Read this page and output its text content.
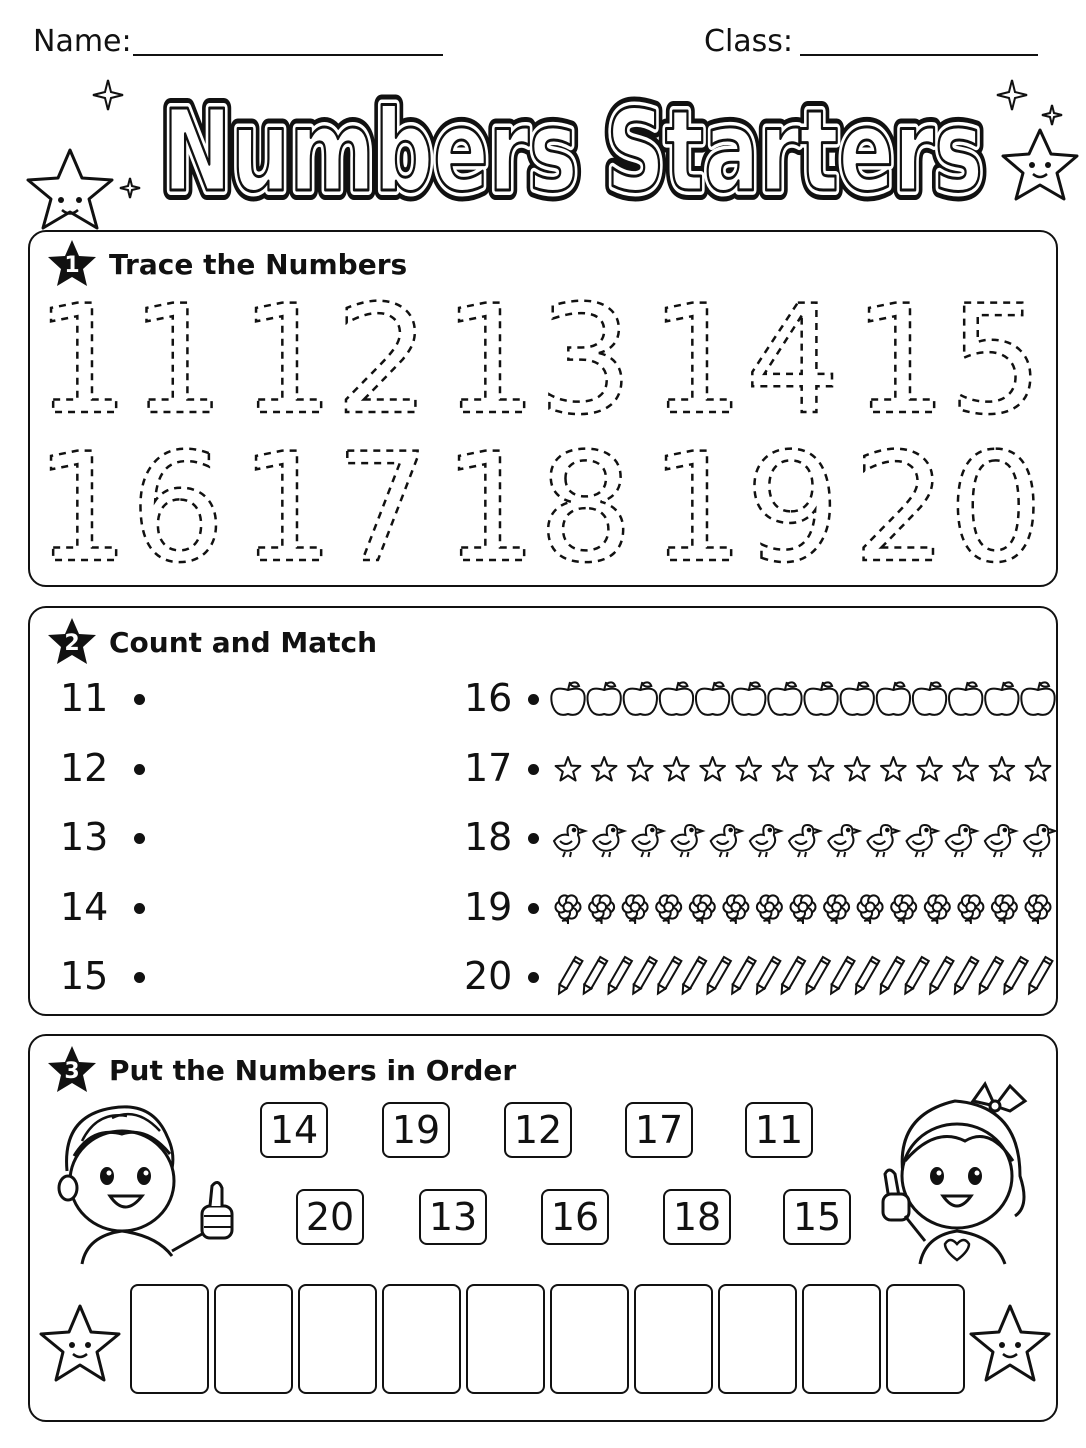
Name:	Class:
Numbers Starters
Numbers Starters
Numbers Starters
1	Trace the Numbers
11 12 13 14 15
16 17 18 19 20
2	Count and Match
11
12
13
14
15
16
17
18
19
20
3	Put the Numbers in Order
14 19 12 17 11
20 13 16 18 15
